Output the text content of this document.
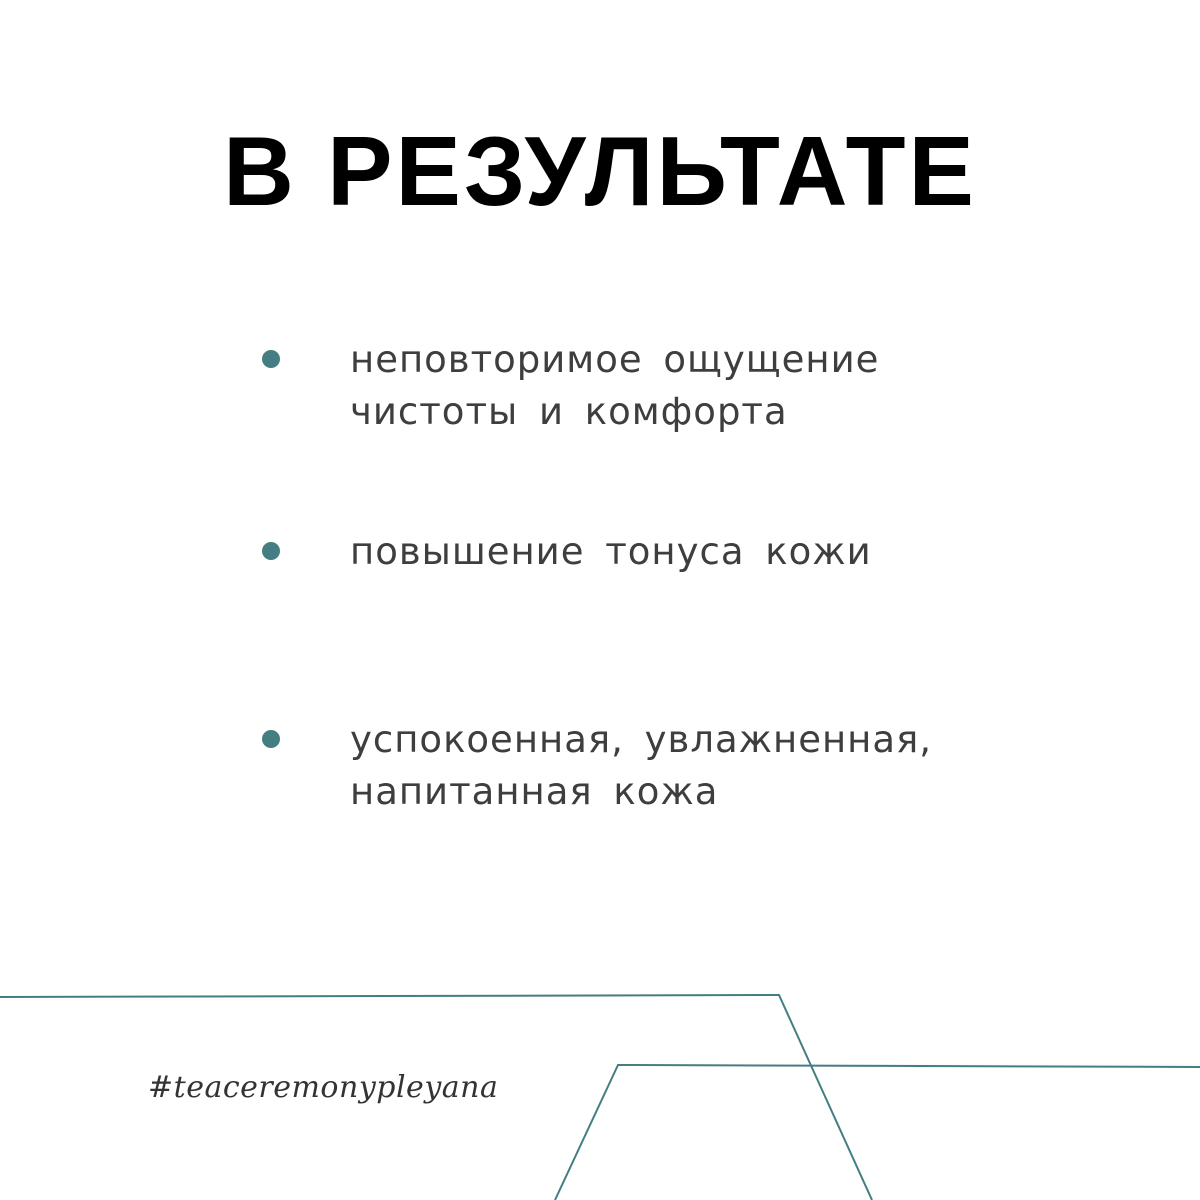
В РЕЗУЛЬТАТЕ
неповторимое ощущение
чистоты и комфорта
повышение тонуса кожи
успокоенная, увлажненная,
напитанная кожа
#teaceremonypleyana
